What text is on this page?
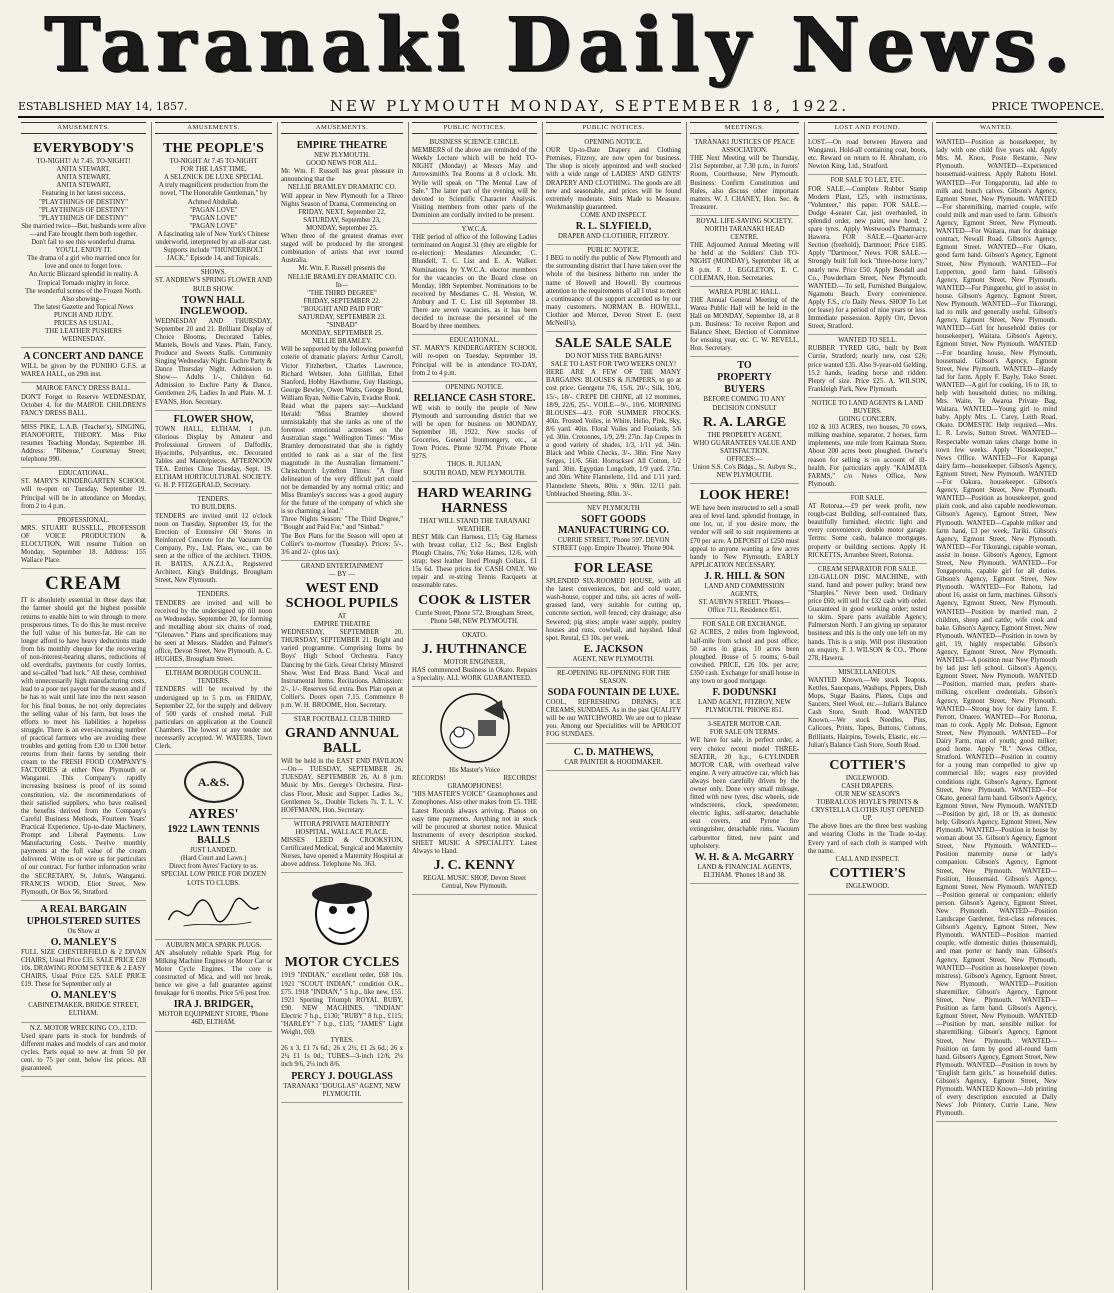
Taranaki Daily News.
ESTABLISHED MAY 14, 1857.	NEW PLYMOUTH MONDAY, SEPTEMBER 18, 1922.	PRICE TWOPENCE.
AMUSEMENTS.
EVERYBODY'S
TO-NIGHT! At 7.45. TO-NIGHT!
ANITA STEWART,
ANITA STEWART,
ANITA STEWART,
Featuring in her latest success,
"PLAYTHINGS OF DESTINY"
"PLAYTHINGS OF DESTINY"
"PLAYTHINGS OF DESTINY"
She married twice—But, husbands were alive—and Fate brought them both together.
Don't fail to see this wonderful drama.
YOU'LL ENJOY IT.
The drama of a girl who married once for love and once to forget love.
An Arctic Blizzard splendid in reality. A Tropical Tornado mighty in force.
The wonderful scenes of the Frozen North.
Also showing—
The latest Gazette and Topical News
PUNCH AND JUDY.
PRICES AS USUAL.
THE LEATHER PUSHERS
WEDNESDAY.
A CONCERT AND DANCE

WILL be given by the PUNIHO G.F.S. at WAREA HALL, on 29th inst.

MAIROE FANCY DRESS BALL.

DON'T Forget to Reserve WEDNESDAY, October 4, for the MAIROE CHILDREN'S FANCY DRESS BALL.

MISS PIKE, L.A.B. (Teacher's), SINGING, PIANOFORTE, THEORY. Miss Pike resumes Teaching Monday, September 18. Address: "Ribenue," Courtenay Street; telephone 990.

EDUCATIONAL.

ST. MARY'S KINDERGARTEN SCHOOL will re-open on Tuesday, September 19. Principal will be in attendance on Monday, from 2 to 4 p.m.

PROFESSIONAL.

MRS. STUART RUSSELL, PROFESSOR OF VOICE PRODUCTION & ELOCUTION, Will resume Tuition on Monday, September 18. Address: 155 Wallace Place.

CREAM

IT is absolutely essential in these days that the farmer should get the highest possible returns to enable him to win through to more prosperous times. To do this he must receive the full value of his butter-fat. He can no longer afford to have heavy deductions made from his monthly cheque for the recovering of non-interest-bearing shares, reductions of old overdrafts, payments for costly lorries, and so-called "bad luck." All these, combined with unnecessarily high manufacturing costs, lead to a poor net payout for the season and if he has to wait until late into the next season for his final bonus, he not only depreciates the selling value of his farm, but loses the efforts to meet his liabilities a hopeless struggle. There is an ever-increasing number of practical farmers who are avoiding these troubles and getting from £30 to £300 better returns from their farms by sending their cream to the FRESH FOOD COMPANY'S FACTORIES at either New Plymouth or Wanganui. This Company's rapidly increasing business is proof of its sound constitution, viz. the recommendations of their satisfied suppliers, who have realised the benefits derived from the Company's Careful Business Methods, Fourteen Years' Practical Experience, Up-to-date Machinery, Prompt and Liberal Payments. Low Manufacturing Costs. Twelve monthly payments at the full value of the cream delivered. Write us or wire us for particulars of our contract. For further information write the SECRETARY, St. John's, Wanganui. FRANCIS WOOD, Eliot Street, New Plymouth, Or Box 56, Stratford.

A REAL BARGAIN
UPHOLSTERED SUITES
On Show at
O. MANLEY'S

FULL SIZE CHESTERFIELD & 2 DIVAN CHAIRS, Usual Price £35. SALE PRICE £28 10s. DRAWING ROOM SETTEE & 2 EASY CHAIRS, Usual Price £25. SALE PRICE £19. These for September only at

O. MANLEY'S
CABINETMAKER, BRIDGE STREET, ELTHAM.
N.Z. MOTOR WRECKING CO., LTD.

Used spare parts in stock for hundreds of different makes and models of cars and motor cycles. Parts equal to new at from 50 per cent. to 75 per cent. below list prices. All guaranteed.

AMUSEMENTS.
THE PEOPLE'S
TO-NIGHT At 7.45 TO-NIGHT
FOR THE LAST TIME,
A SELZNICK DE LUXE SPECIAL
A truly magnificent production from the novel, "The Honorable Gentleman," by Achmed Abdullah.
"PAGAN LOVE"
"PAGAN LOVE"
"PAGAN LOVE"
A fascinating tale of New York's Chinese underworld, interpreted by an all-star cast.
Supports include "THUNDERBOLT JACK," Episode 14, and Topicals.
SHOWS.
ST. ANDREW'S SPRING FLOWER AND BULB SHOW.
TOWN HALL INGLEWOOD.

WEDNESDAY AND THURSDAY, September 20 and 21. Brilliant Display of Choice Blooms, Decorated Tables, Mantels, Bowls and Vases. Plain, Fancy, Produce and Sweets Stalls. Community Singing Wednesday Night. Euchre Party & Dance Thursday Night. Admission to Show— Adults 1/-, Children 6d. Admission to Euchre Party & Dance, Gentlemen 2/6, Ladies In and Plate. M. J. EVANS, Hon. Secretary.

FLOWER SHOW,

TOWN HALL, ELTHAM, 1 p.m. Glorious Display by Amateur and Professional Growers of Daffodils, Hyacinths, Polyanthus, etc. Decorated Tables and Mantelpieces. AFTERNOON TEA. Entries Close Tuesday, Sept. 19. ELTHAM HORTICULTURAL SOCIETY. G. H. P. FITZGERALD, Secretary.

TENDERS.
TO BUILDERS.

TENDERS are invited until 12 o'clock noon on Tuesday, September 19, for the Erection of Extensive Oil Stores in Reinforced Concrete for the Vacuum Oil Company, Pty., Ltd. Plans, etc., can be seen at the office of the architect. THOS. H. BATES, A.N.Z.I.A., Registered Architect, King's Buildings, Brougham Street, New Plymouth.

TENDERS.

TENDERS are invited and will be received by the undersigned up till noon on Wednesday, September 20, for forming and metalling about six chains of road, "Glenaven." Plans and specifications may be seen at Messrs. Sladden and Palmer's office, Devon Street, New Plymouth. A. C. HUGHES, Brougham Street.

ELTHAM BOROUGH COUNCIL.
TENDERS.

TENDERS will be received by the undersigned up to 5 p.m. on FRIDAY, September 22, for the supply and delivery of 500 yards of crushed metal. Full particulars on application at the Council Chambers. The lowest or any tender not necessarily accepted. W. WATERS, Town Clerk.

A.&S.
AYRES'
1922 LAWN TENNIS BALLS
JUST LANDED.
(Hard Court and Lawn.)
Direct from Ayres' Factory to us.
SPECIAL LOW PRICE FOR DOZEN LOTS TO CLUBS.
AUBURN MICA SPARK PLUGS.

AN absolutely reliable Spark Plug for Milking Machine Engines or Motor Car or Motor Cycle Engines. The core is constructed of Mica, and will not break, hence we give a full guarantee against breakage for 6 months. Price 5/6 post free.

IRA J. BRIDGER,
MOTOR EQUIPMENT STORE, 'Phone 46D, ELTHAM.
AMUSEMENTS.
EMPIRE THEATRE
NEW PLYMOUTH.
GOOD NEWS FOR ALL.

Mr. Wm. F. Russell has great pleasure in announcing that the

NELLIE BRAMLEY DRAMATIC CO.

Will appear in New Plymouth for a Three Nights Season of Drama, Commencing on

FRIDAY, NEXT, September 22,
SATURDAY, September 23,
MONDAY, September 25.

When three of the greatest dramas ever staged will be produced by the strongest combination of artists that ever toured Australia.

Mr. Wm. F. Russell presents the
NELLIE BRAMLEY DRAMATIC CO.
In—
"THE THIRD DEGREE"
FRIDAY, SEPTEMBER 22.
"BOUGHT AND PAID FOR"
SATURDAY, SEPTEMBER 23.
"SINBAD"
MONDAY, SEPTEMBER 25.
NELLIE BRAMLEY.

Will be supported by the following powerful coterie of dramatic players: Arthur Carroll, Victor Fitzherbert, Charles Lawrence, Richard Webster, John Gilfillan, Ethel Stanford, Hobby Hawthorne, Guy Hastings, George Bewley, Owen Watts, George Bond, William Ryan, Nellie Calvin, Evadne Rook.

Read what the papers say:—Auckland Herald: "Miss Bramley showed unmistakably that she ranks as one of the foremost emotional actresses on the Australian stage." Wellington Times: "Miss Bramley demonstrated that she is rightly entitled to rank as a star of the first magnitude in the Australian firmament." Christchurch Lyttelton Times: "A finer delineation of the very difficult part could not be demanded by any normal critic; and Miss Bramley's success was a good augury for the future of the company of which she is so charming a lead."

Three Nights Season: "The Third Degree," "Bought and Paid For," and "Sinbad."

The Box Plans for the Season will open at Collier's to-morrow (Tuesday). Prices: 5/-, 3/6 and 2/- (plus tax).

GRAND ENTERTAINMENT
— BY —
WEST END SCHOOL PUPILS
AT
EMPIRE THEATRE

WEDNESDAY, SEPTEMBER 20, THURSDAY, SEPTEMBER 21. Bright and varied programme. Comprising Items by Boys' High School Orchestra. Fancy Dancing by the Girls. Great Christy Minstrel Show. West End Brass Band. Vocal and Instrumental Items. Recitations. Admission: 2/-, 1/-. Reserves 6d. extra. Box Plan open at Collier's. Doors open 7.15. Commence 8 p.m. W. H. BROOME, Hon. Secretary.

STAR FOOTBALL CLUB THIRD
GRAND ANNUAL BALL

Will be held in the EAST END PAVILION —On— TUESDAY, SEPTEMBER 26, TUESDAY, SEPTEMBER 26, At 8 p.m. Music by Mrs. George's Orchestra. First-class Floor, Music and Supper. Ladies 3s., Gentlemen 5s., Double Tickets 7s. T. L. V. HOFFMANN, Hon. Secretary.

WITORA PRIVATE MATERNITY HOSPITAL, WALLACE PLACE.

MISSES LEED & CROOKSTON, Certificated Medical, Surgical and Maternity Nurses, have opened a Maternity Hospital at above address. Telephone No. 363.

MOTOR CYCLES

1919 "INDIAN," excellent order, £68 10s. 1921 "SCOUT INDIAN," condition O.K., £75. 1918 "INDIAN," 5 h.p., like new, £55. 1921 Sporting Triumph ROYAL RUBY, £90. NEW MACHINES. "INDIAN" Electric 7 h.p., £130; "RUBY" 8 h.p., £115; "HARLEY" 7 h.p., £135; "JAMES" Light Weight, £69.

TYRES.

26 x 3, £1 7s 6d.; 26 x 2½, £1 2s 6d.; 26 x 2¼ £1 1s 0d.; TUBES—3-inch 12/6, 2¼ inch 9/6, 2¼ inch 8/6.

PERCY J. DOUGLASS
TARANAKI "DOUGLAS" AGENT, NEW PLYMOUTH.
PUBLIC NOTICES.
BUSINESS SCIENCE CIRCLE.

MEMBERS of the above are reminded of the Weekly Lecture which will be held TO-NIGHT (Monday) at Messrs May and Arrowsmith's Tea Rooms at 8 o'clock. Mr. Wylie will speak on "The Mental Law of Sale." The latter part of the evening will be devoted to Scientific Character Analysis. Visiting members from other parts of the Dominion are cordially invited to be present.

Y.W.C.A.

THE period of office of the following Ladies terminated on August 31 (they are eligible for re-election): Mesdames Alexander, C. Blundell, T. C. List and E. A. Walker. Nominations by Y.W.C.A. elector members for the vacancies on the Board close on Monday, 18th September. Nominations to be received by Mesdames C. H. Weston, W. Ambury and T. C. List till September 18. There are seven vacancies, as it has been decided to increase the personnel of the Board by three members.

EDUCATIONAL.

ST. MARY'S KINDERGARTEN SCHOOL will re-open on Tuesday, September 19. Principal will be in attendance TO-DAY, from 2 to 4 p.m.

OPENING NOTICE.
RELIANCE CASH STORE.

WE wish to notify the people of New Plymouth and surrounding district that we will be open for business on MONDAY, September 18, 1922. New stocks of Groceries, General Ironmongery, etc., at Town Prices. Phone 927M. Private Phone 927S.

THOS. R. JULIAN,
SOUTH ROAD, NEW PLYMOUTH.
HARD WEARING HARNESS
THAT WILL STAND THE TARANAKI WEATHER.

BEST Milk Cart Harness, £15; Gig Harness with breast collar, £12 5s.; Best English Plough Chains, 7/6; Yoke Hames, 12/6, with strap; best leather lined Plough Collars, £1 15s 6d. These prices for CASH ONLY. We repair and re-string Tennis Racquets at reasonable rates.

COOK & LISTER
Currie Street, Phone 572. Brougham Street, Phone 548, NEW PLYMOUTH.
OKATO.
J. HUTHNANCE
MOTOR ENGINEER,

HAS commenced Business in Okato. Repairs a Speciality. ALL WORK GUARANTEED.

His Master's Voice
RECORDS!	RECORDS!
GRAMOPHONES!

"HIS MASTER'S VOICE" Gramophones and Zonophones. Also other makes from £5. THE Latest Records always arriving. Pianos on easy time payments. Anything not in stock will be procured at shortest notice. Musical Instruments of every description stocked. SHEET MUSIC A SPECIALITY. Latest Always to Hand.

J. C. KENNY
REGAL MUSIC SHOP, Devon Street Central, New Plymouth.
PUBLIC NOTICES.
OPENING NOTICE.

OUR Up-to-Date Drapery and Clothing Premises, Fitzroy, are now open for business. The shop is nicely appointed and well stocked with a wide range of LADIES' AND GENTS' DRAPERY AND CLOTHING. The goods are all new and seasonable, and prices will be found extremely moderate. Suits Made to Measure. Workmanship guaranteed.

COME AND INSPECT.
R. L. SLYFIELD,
DRAPER AND CLOTHIER, FITZROY.
PUBLIC NOTICE.

I BEG to notify the public of New Plymouth and the surrounding district that I have taken over the whole of the business hitherto run under the name of Howell and Howell. By courteous attention to the requirements of all I trust to merit a continuance of the support accorded us by our many customers. NORMAN B. HOWELL, Clothier and Mercer, Devon Street E. (next McNeill's).

SALE SALE SALE
DO NOT MISS THE BARGAINS!
SALE TO LAST FOR TWO WEEKS ONLY!

HERE ARE A FEW OF THE MANY BARGAINS: BLOUSES & JUMPERS, to go at cost price: Georgette 7/6, 15/6, 20/-; Silk, 10/6, 15/-, 18/-. CREPE DE CHINE, all 12 mommes, 18/9, 22/6, 25/-. VOILE—9/-, 10/6. MORNING BLOUSES—4/3. FOR SUMMER FROCKS. 40in. Frosted Voiles, in White, Helio, Pink, Sky, 8/6 yard. 40in. Floral Voiles and Foulards, 5/6 yd. 30in. Cretonnes, 1/9, 2/9. 27in. Jap Crepes in a good variety of shades, 1/3, 1/11 yd. 34in. Black and White Checks, 3/-. 38in. Fine Navy Serges, 11/6. 56in. Horrockses' All Cotton, 1/2 yard. 30in. Egyptian Longcloth, 1/9 yard. 27in. and 30in. White Flannelette, 11d. and 1/11 yard. Flannelette Sheets, 80in. x 90in. 12/11 pair. Unbleached Sheeting, 80in. 3/-.

NEV PLYMOUTH
SOFT GOODS MANUFACTURING CO.
CURRIE STREET, 'Phone 597. DEVON STREET (opp. Empire Theatre). 'Phone 904.
FOR LEASE

SPLENDID SIX-ROOMED HOUSE, with all the latest conveniences, hot and cold water, wash-house, copper and tubs, six acres of well-grassed land, very suitable for cutting up, concrete section, well fenced; city drainage; also Sewered; pig sties; ample water supply, poultry houses and runs, cowbail, and hayshed. Ideal spot. Rental, £3 10s. per week.

E. JACKSON
AGENT, NEW PLYMOUTH.
RE-OPENING RE-OPENING FOR THE SEASON.
SODA FOUNTAIN DE LUXE.

COOL, REFRESHING DRINKS, ICE CREAMS, SUNDAES. As in the past QUALITY will be our WATCHWORD. We are out to please you. Among our Specialities will be APRICOT FOG SUNDAES.

C. D. MATHEWS,
CAR PAINTER & HOODMAKER.
MEETINGS.
TARANAKI JUSTICES OF PEACE ASSOCIATION.

THE Next Meeting will be Thursday, 21st September, at 7.30 p.m., in Jurors' Room, Courthouse, New Plymouth. Business: Confirm Constitution and Rules, also discuss other important matters. W. J. CHANEY, Hon. Sec. & Treasurer.

ROYAL LIFE-SAVING SOCIETY.
NORTH TARANAKI HEAD CENTRE.

THE Adjourned Annual Meeting will be held at the Soldiers' Club TO-NIGHT (MONDAY), September 18, at 8 p.m. F. J. EGGLETON, E. C. COLEMAN, Hon. Secretaries.

WAREA PUBLIC HALL.

THE Annual General Meeting of the Warea Public Hall will be held in the Hall on MONDAY, September 18, at 8 p.m. Business: To receive Report and Balance Sheet, Election of Committee for ensuing year, etc. C. W. REVELL, Hon. Secretary.

TO
PROPERTY
BUYERS
BEFORE COMING TO ANY DECISION CONSULT
R. A. LARGE
THE PROPERTY AGENT,
WHO GUARANTEES VALUE AND SATISFACTION.
OFFICES:—
Union S.S. Co's Bldgs., St. Aubyn St., NEW PLYMOUTH.
LOOK HERE!

WE have been instructed to sell a small area of level land, splendid frontage, in one lot, or, if you desire more, the vendor will sell to suit requirements at £70 per acre. A DEPOSIT of £250 must appeal to anyone wanting a few acres handy to New Plymouth. EARLY APPLICATION NECESSARY.

J. R. HILL & SON
LAND AND COMMISSION AGENTS,
ST. AUBYN STREET. 'Phones—Office 711, Residence 851.
FOR SALE OR EXCHANGE.

62 ACRES, 2 miles from Inglewood, half-mile from school and post office; 50 acres in grass, 10 acres been ploughed. House of 5 rooms, 6-bail cowshed. PRICE, £26 10s. per acre; £350 cash. Exchange for small house in any town or good mortgage.

F. DODUNSKI
LAND AGENT, FITZROY, NEW PLYMOUTH. 'PHONE 851.
3-SEATER MOTOR CAR.
FOR SALE ON TERMS.

WE have for sale, in perfect order, a very choice recent model THREE-SEATER, 20 h.p., 6-CYLINDER MOTOR CAR, with overhead valve engine. A very attractive car, which has always been carefully driven by the owner only. Done very small mileage, fitted with new tyres, disc wheels, side windscreens, clock, speedometer, electric lights, self-starter, detachable seat covers, and Pyrene fire extinguisher, detachable rims, Vacuum carburettor fitted, new paint and upholstery.

W. H. & A. McGARRY
LAND & FINANCIAL AGENTS, ELTHAM. 'Phones 18 and 38.
LOST AND FOUND.

LOST.—On road between Hawera and Wanganui, Hold-all containing coat, boots, etc. Reward on return to H. Abraham, c/o Newton King, Ltd., Stratford.

FOR SALE TO LET, ETC.

FOR SALE.—Complete Rubber Stamp Modern Plant, £25, with instructions, "Volunteer," this paper. FOR SALE.—Dodge 4-seater Car, just overhauled, in splendid order, new paint, new hood, 2 spare tyres. Apply Westwood's Pharmacy, Hawera. FOR SALE.—Quarter-acre Section (freehold), Dartmoor; Price £185. Apply "Dartmoor," News. FOR SALE.—Strongly built full lock "three-horse lorry," nearly new. Price £50. Apply Bendall and Co., Powderham Street, New Plymouth. WANTED.—To sell, Furnished Bungalow, Ngamotu Beach. Every convenience. Apply F.S., c/o Daily News. SHOP To Let (or lease) for a period of nine years or less. Immediate possession. Apply Orr, Devon Street, Stratford.

WANTED TO SELL.

RUBBER TYRED GIG, built by Brett Currie, Stratford; nearly new, cost £26; price wanted £35. Also 9-year-old Gelding, 15.2 hands, leading horse and ridden. Plenty of size. Price £25. A. WILSON, Frankleigh Park, New Plymouth.

NOTICE TO LAND AGENTS & LAND BUYERS.
GOING CONCERN.

102 & 103 ACRES, two houses, 70 cows, milking machine, separator, 2 horses, farm implements, one mile from Kaimata Store. About 200 acres been ploughed. Owner's reason for selling is on account of ill-health. For particulars apply "KAIMATA FARMS," c/o News Office, New Plymouth.

FOR SALE.

AT Rotorua.—£9 per week profit, new rough-cast Building, self-contained flats, beautifully furnished, electric light and every convenience, double motor garage. Terms: Some cash, balance mortgages, property or building sections. Apply H. RICKETTS, Arranbee Street, Rotorua.

CREAM SEPARATOR FOR SALE.

120-GALLON DISC MACHINE, with stand, hand and power pulley; brand new "Sharples." Never been used. Ordinary price £60; will sell for £32 cash with order. Guaranteed in good working order; tested to skim. Spare parts available Agency, Palmerston North. I am giving up separator business and this is the only one left on my hands. This is a snip. Will post illustration on enquiry. F. J. WILSON & CO., 'Phone 278, Hawera.

MISCELLANEOUS.

WANTED Known.—We stock Teapots, Kettles, Saucepans, Washups, Pippers, Dish Mops, Sugar Basins, Plates, Cups and Saucers, Steel Wool, etc.—Julian's Balance Cash Store, South Road. WANTED Known.—We stock Needles, Pins, Calicoes, Prints, Tapes, Buttons, Cottons, Brilliants, Hairpins, Towels, Elastic, etc.—Julian's Balance Cash Store, South Road.

COTTIER'S
INGLEWOOD.
CASH DRAPERS.
OUR NEW SEASON'S
TOBRALCOS HOYLE'S PRINTS & CRYSTELLA CLOTHS JUST OPENED UP.

The above lines are the three best washing and wearing Cloths in the Trade to-day. Every yard of each cloth is stamped with the name.

CALL AND INSPECT.
COTTIER'S
INGLEWOOD.
WANTED.

WANTED—Position as housekeeper, by lady with one child five years old. Apply Mrs. M. Knox, Poste Restante, New Plymouth. WANTED—Experienced housemaid-waitress. Apply Rahotu Hotel. WANTED—For Tongaporutu, lad able to milk and bunch calves. Gibson's Agency, Egmont Street, New Plymouth. WANTED—For sharemilking, married couple, wife could milk and man used to farm. Gibson's Agency, Egmont Street, New Plymouth. WANTED—For Waitara, man for drainage contract, Newall Road. Gibson's Agency, Egmont Street. WANTED—For Okato, good farm hand. Gibson's Agency, Egmont Street, New Plymouth. WANTED—For Lepperton, good farm hand. Gibson's Agency, Egmont Street, New Plymouth. WANTED—For Pungarehu, girl to assist in house. Gibson's Agency, Egmont Street, New Plymouth. WANTED—For Tikorangi, lad to milk and generally useful. Gibson's Agency, Egmont Street, New Plymouth. WANTED—Girl for household duties (or housekeeper), Waitara. Gibson's Agency, Egmont Street, New Plymouth. WANTED—For boarding house, New Plymouth, housemaid. Gibson's Agency, Egmont Street, New Plymouth. WANTED—Handy lad for farm. Apply F. Bayly, Toko Street. WANTED—A girl for cooking, 16 to 18, to help with household duties; no milking. Mrs. Waite, Te Awaroa Private Bag, Waitara. WANTED—Young girl to mind baby. Apply Mrs. L. Carey, Leith Road, Okato. DOMESTIC Help required.—Mrs. L. R. Lewis, Sutton Street. WANTED—Respectable woman takes charge home in town few weeks. Apply "Housekeeper," News Office. WANTED—For Kapanga dairy farm—housekeeper. Gibson's Agency, Egmont Street, New Plymouth. WANTED—For Oakura, housekeeper. Gibson's Agency, Egmont Street, New Plymouth. WANTED—Position as housekeeper, good plain cook, and also capable needlewoman. Gibson's Agency, Egmont Street, New Plymouth. WANTED—Capable milker and farm hand, £3 per week, Tariki. Gibson's Agency, Egmont Street, New Plymouth. WANTED—For Tikorangi, capable woman, assist in house. Gibson's Agency, Egmont Street, New Plymouth. WANTED—For Tongaporutu, capable girl for all duties. Gibson's Agency, Egmont Street, New Plymouth. WANTED—For Rahotu, lad about 16, assist on farm, machines. Gibson's Agency, Egmont Street, New Plymouth. WANTED—Position by married man, 2 children, sheep and cattle; wife cook and bake. Gibson's Agency, Egmont Street, New Plymouth. WANTED—Position in town by girl, 19, highly respectable. Gibson's Agency, Egmont Street, New Plymouth. WANTED—A position near New Plymouth by lad just left school. Gibson's Agency, Egmont Street, New Plymouth. WANTED—Position, married man, prefers share-milking, excellent credentials. Gibson's Agency, Egmont Street, New Plymouth. WANTED—Strong boy for dairy farm. F. Perrott, Onaero. WANTED—For Rotorua, man to cook. Apply Mr. Dobson, Egmont Street, New Plymouth. WANTED—For Dairy Farm, man of youth; good milker; good home. Apply "R." News Office, Stratford. WANTED—Position in country for a young man compelled to give up commercial life; wages easy provided conditions right. Gibson's Agency, Egmont Street, New Plymouth. WANTED—For Okato, general farm hand. Gibson's Agency, Egmont Street, New Plymouth. WANTED—Position by girl, 18 or 19, as domestic help. Gibson's Agency, Egmont Street, New Plymouth. WANTED—Position in house by woman about 35. Gibson's Agency, Egmont Street, New Plymouth. WANTED—Position maternity nurse or lady's companion. Gibson's Agency, Egmont Street, New Plymouth. WANTED—Position, Housemaid. Gibson's Agency, Egmont Street, New Plymouth. WANTED—Position general or companion; elderly person. Gibson's Agency, Egmont Street, New Plymouth. WANTED—Position Landscape Gardener, first-class references. Gibson's Agency, Egmont Street, New Plymouth. WANTED—Position married couple, wife domestic duties (housemaid), and man porter or handy man. Gibson's Agency, Egmont Street, New Plymouth. WANTED—Position as housekeeper (town mistress). Gibson's Agency, Egmont Street, New Plymouth. WANTED—Position sharemilker. Gibson's Agency, Egmont Street, New Plymouth. WANTED—Position as farm hand. Gibson's Agency, Egmont Street, New Plymouth. WANTED—Position by man, sensible milker for sharemilking. Gibson's Agency, Egmont Street, New Plymouth. WANTED—Position on farm by good all-round farm hand. Gibson's Agency, Egmont Street, New Plymouth. WANTED—Position in town by "English farm girls," as household duties. Gibson's Agency, Egmont Street, New Plymouth. WANTED Known—Job printing of every description executed at Daily News' Job Printery, Currie Lane, New Plymouth.
